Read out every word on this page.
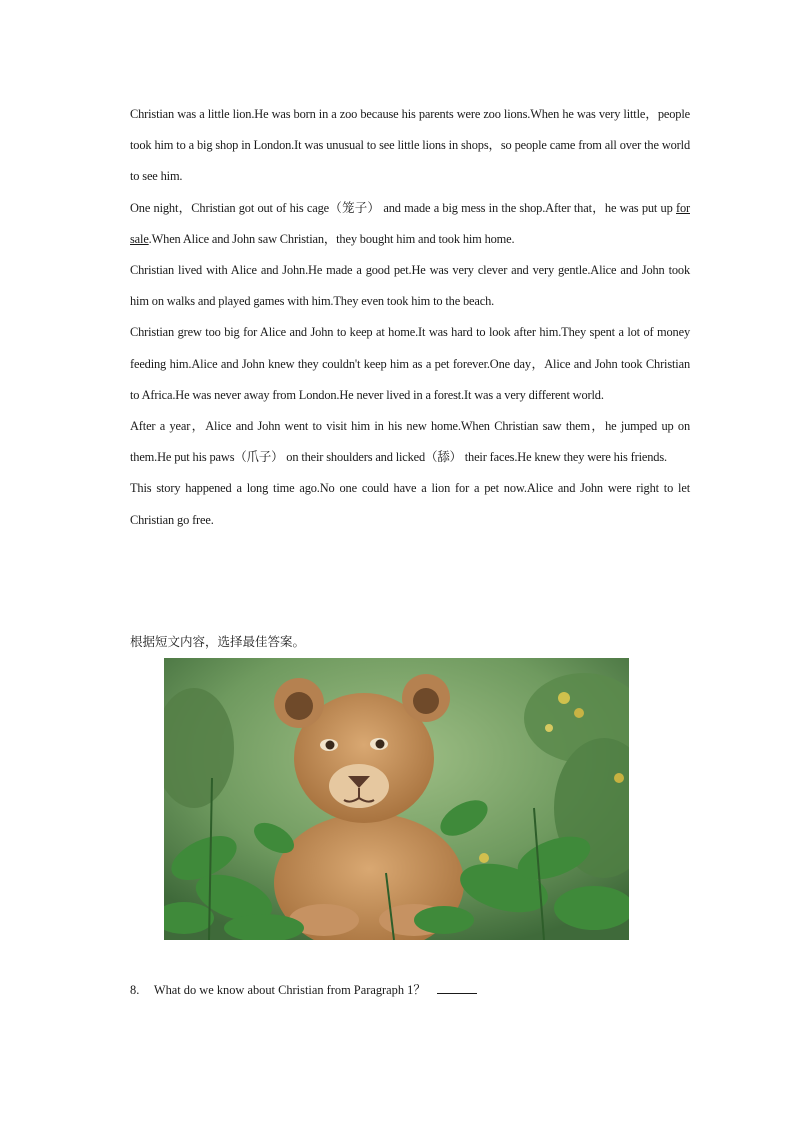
Christian was a little lion.He was born in a zoo because his parents were zoo lions.When he was very little，people took him to a big shop in London.It was unusual to see little lions in shops，so people came from all over the world to see him.

One night，Christian got out of his cage（笼子） and made a big mess in the shop.After that，he was put up for sale.When Alice and John saw Christian，they bought him and took him home.

Christian lived with Alice and John.He made a good pet.He was very clever and very gentle.Alice and John took him on walks and played games with him.They even took him to the beach.

Christian grew too big for Alice and John to keep at home.It was hard to look after him.They spent a lot of money feeding him.Alice and John knew they couldn't keep him as a pet forever.One day，Alice and John took Christian to Africa.He was never away from London.He never lived in a forest.It was a very different world.

After a year，Alice and John went to visit him in his new home.When Christian saw them，he jumped up on them.He put his paws（爪子） on their shoulders and licked（舔） their faces.He knew they were his friends.

This story happened a long time ago.No one could have a lion for a pet now.Alice and John were right to let Christian go free.

根据短文内容，选择最佳答案。
8. What do we know about Christian from Paragraph 1？
